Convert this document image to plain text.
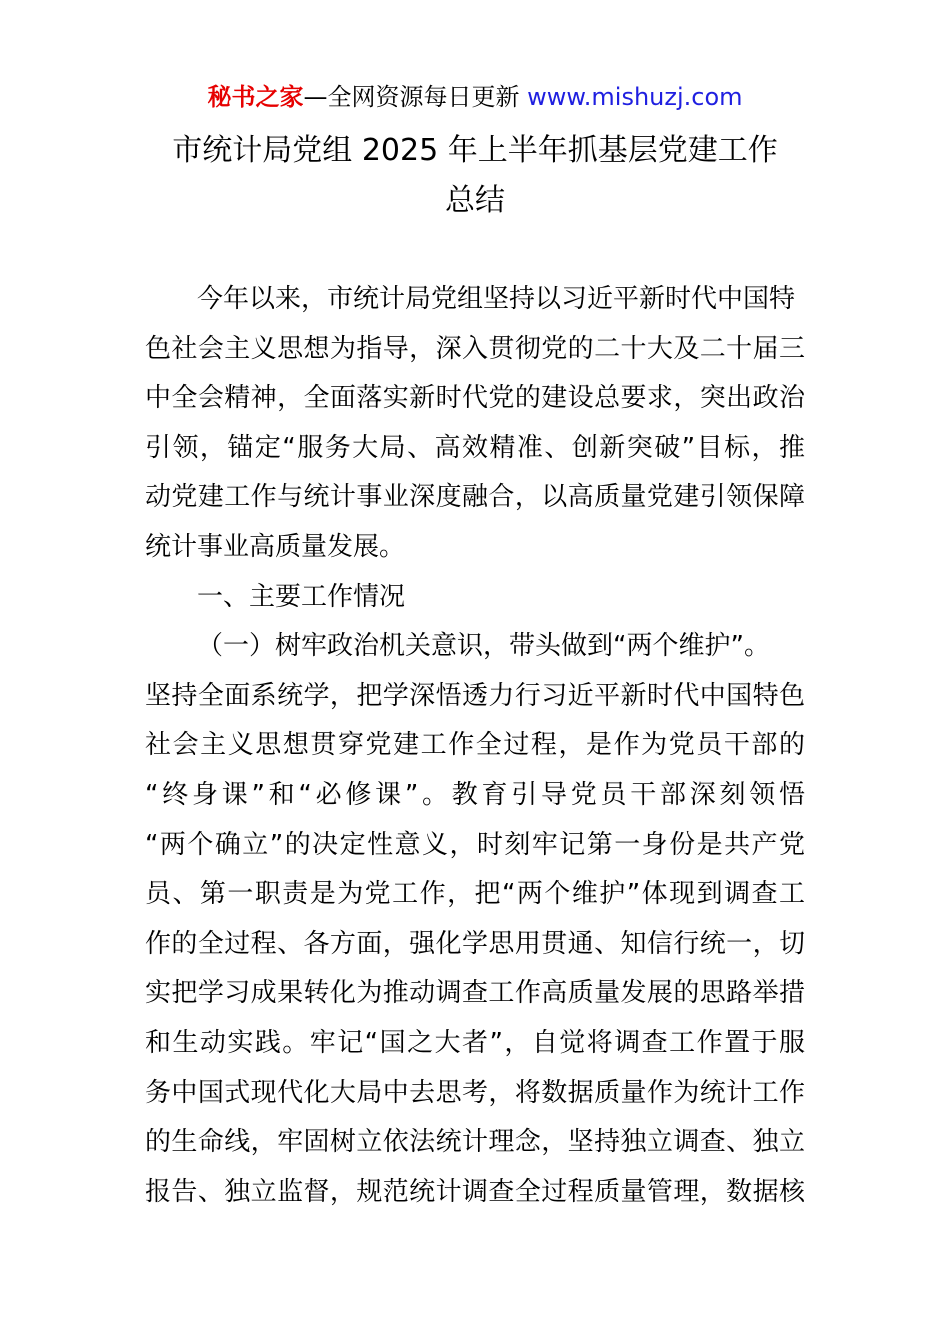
秘书之家—全网资源每日更新 www.mishuzj.com
市统计局党组 2025 年上半年抓基层党建工作
总结
今年以来，市统计局党组坚持以习近平新时代中国特
色社会主义思想为指导，深入贯彻党的二十大及二十届三
中全会精神，全面落实新时代党的建设总要求，突出政治
引领，锚定“服务大局、高效精准、创新突破”目标，推
动党建工作与统计事业深度融合，以高质量党建引领保障
统计事业高质量发展。
一、主要工作情况
（一）树牢政治机关意识，带头做到“两个维护”。
坚持全面系统学，把学深悟透力行习近平新时代中国特色
社会主义思想贯穿党建工作全过程，是作为党员干部的
“终身课”和“必修课”。教育引导党员干部深刻领悟
“两个确立”的决定性意义，时刻牢记第一身份是共产党
员、第一职责是为党工作，把“两个维护”体现到调查工
作的全过程、各方面，强化学思用贯通、知信行统一，切
实把学习成果转化为推动调查工作高质量发展的思路举措
和生动实践。牢记“国之大者”，自觉将调查工作置于服
务中国式现代化大局中去思考，将数据质量作为统计工作
的生命线，牢固树立依法统计理念，坚持独立调查、独立
报告、独立监督，规范统计调查全过程质量管理，数据核
